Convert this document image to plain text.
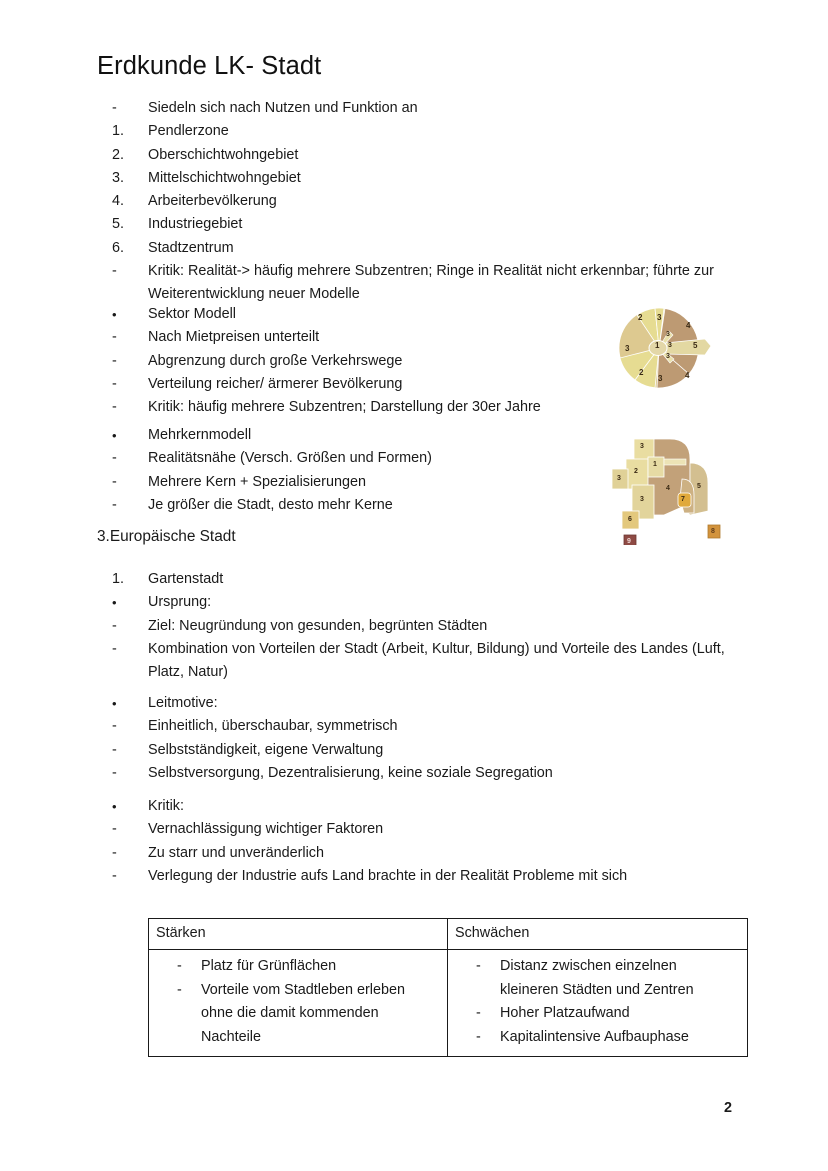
Erdkunde LK- Stadt
-	Siedeln sich nach Nutzen und Funktion an
1.	Pendlerzone
2.	Oberschichtwohngebiet
3.	Mittelschichtwohngebiet
4.	Arbeiterbevölkerung
5.	Industriegebiet
6.	Stadtzentrum
-	Kritik: Realität-> häufig mehrere Subzentren; Ringe in Realität nicht erkennbar; führte zur Weiterentwicklung neuer Modelle
•	Sektor Modell
-	Nach Mietpreisen unterteilt
-	Abgrenzung durch große Verkehrswege
-	Verteilung reicher/ ärmerer Bevölkerung
-	Kritik: häufig mehrere Subzentren; Darstellung der 30er Jahre
•	Mehrkernmodell
-	Realitätsnähe (Versch. Größen und Formen)
-	Mehrere Kern + Spezialisierungen
-	Je größer die Stadt, desto mehr Kerne
3.Europäische Stadt
1.	Gartenstadt
•	Ursprung:
-	Ziel: Neugründung von gesunden, begrünten Städten
-	Kombination von Vorteilen der Stadt (Arbeit, Kultur, Bildung) und Vorteile des Landes (Luft, Platz, Natur)
•	Leitmotive:
-	Einheitlich, überschaubar, symmetrisch
-	Selbstständigkeit, eigene Verwaltung
-	Selbstversorgung, Dezentralisierung, keine soziale Segregation
•	Kritik:
-	Vernachlässigung wichtiger Faktoren
-	Zu starr und unveränderlich
-	Verlegung der Industrie aufs Land brachte in der Realität Probleme mit sich
1
2 3
4
3
3
3
3
5
2
3	4
3
2
3
1
3
4	5
6
7
8
9
Stärken	Schwächen

-	Platz für Grünflächen
-	Vorteile vom Stadtleben erleben
ohne die damit kommenden
Nachteile

-	Distanz zwischen einzelnen
kleineren Städten und Zentren
-	Hoher Platzaufwand
-	Kapitalintensive Aufbauphase
2
